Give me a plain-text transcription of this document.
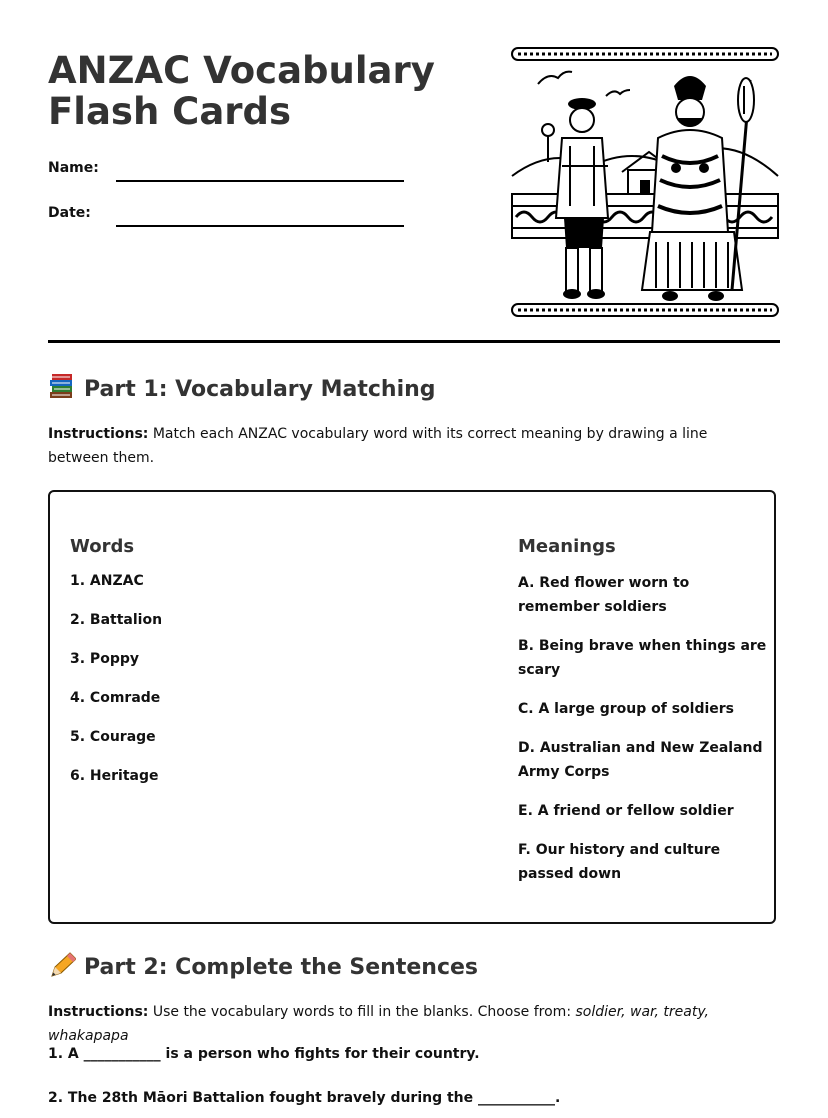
ANZAC Vocabulary
Flash Cards
Name:
Date:
Part 1: Vocabulary Matching

Instructions: Match each ANZAC vocabulary word with its correct meaning by drawing a line between them.

Words
1. ANZAC
2. Battalion
3. Poppy
4. Comrade
5. Courage
6. Heritage
Meanings
A. Red flower worn to remember soldiers
B. Being brave when things are scary
C. A large group of soldiers
D. Australian and New Zealand Army Corps
E. A friend or fellow soldier
F. Our history and culture passed down
Part 2: Complete the Sentences

Instructions: Use the vocabulary words to fill in the blanks. Choose from: soldier, war, treaty, whakapapa

1. A ___________ is a person who fights for their country.

2. The 28th Māori Battalion fought bravely during the ___________.
